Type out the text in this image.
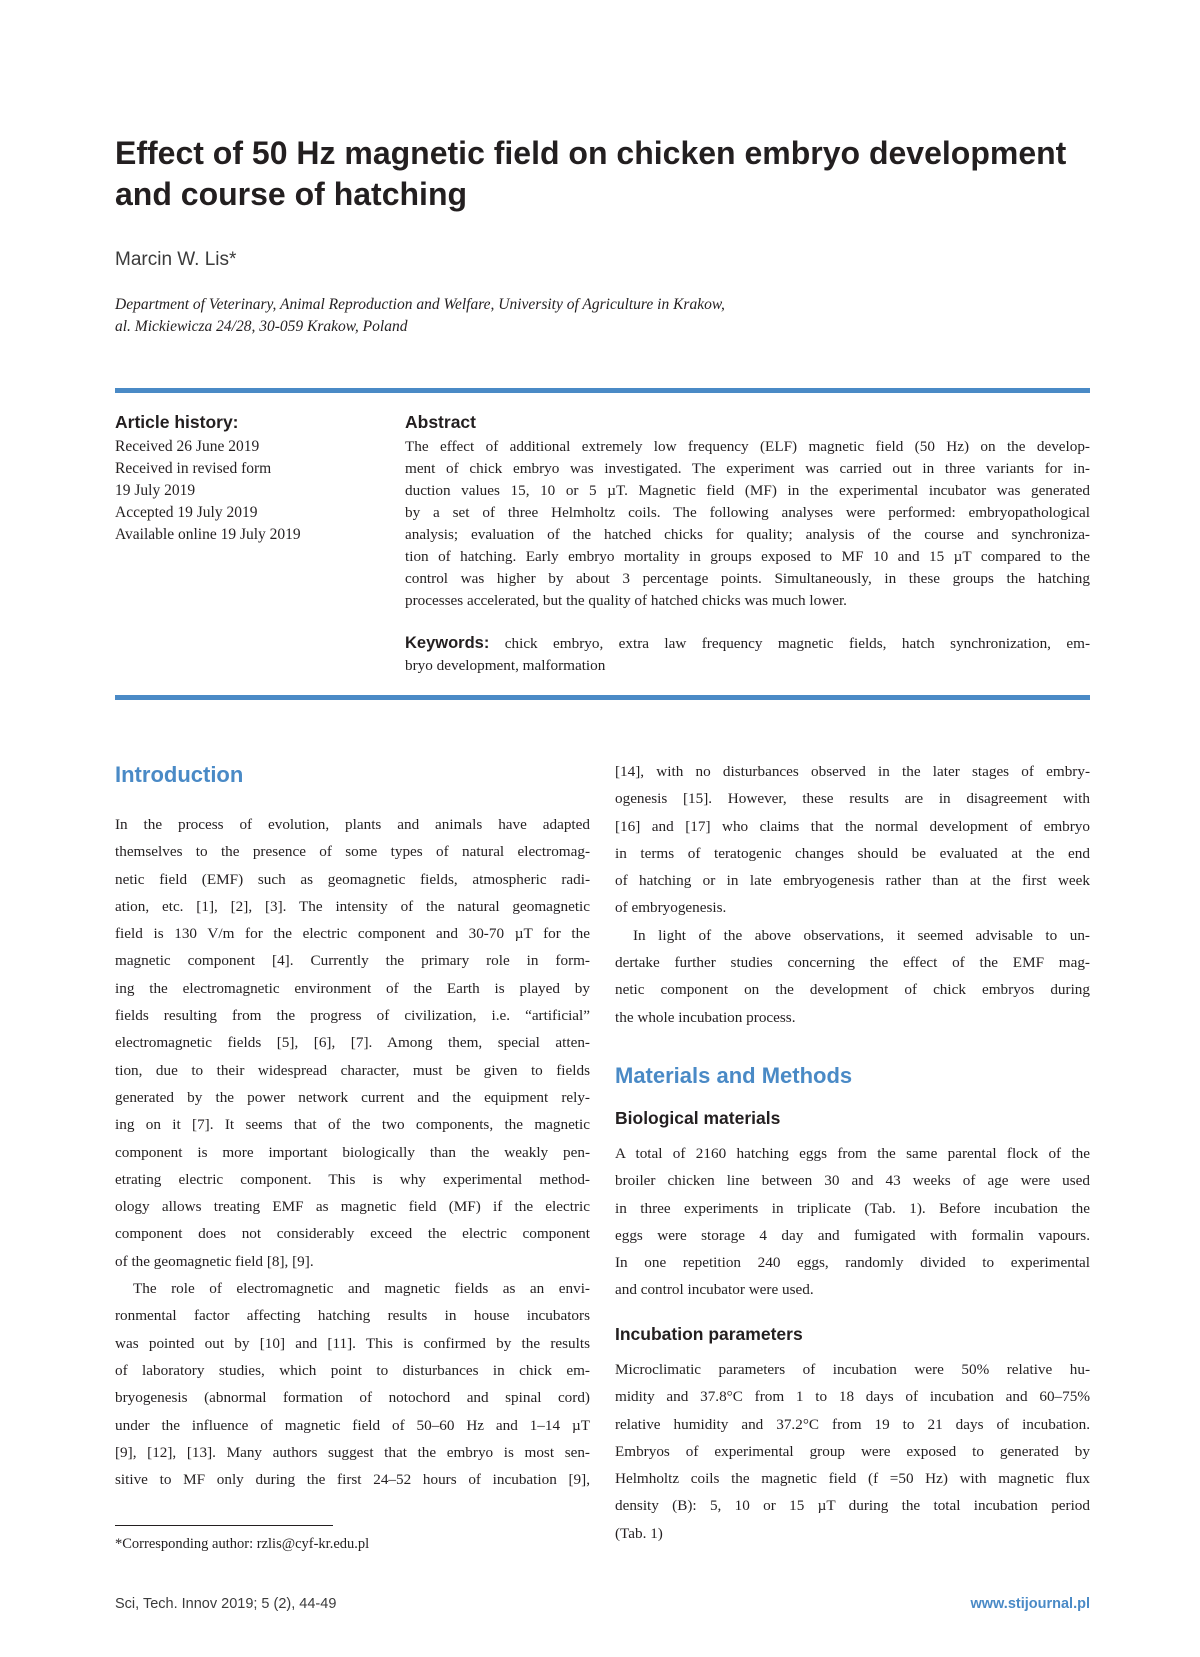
Effect of 50 Hz magnetic field on chicken embryo development
and course of hatching
Marcin W. Lis*
Department of Veterinary, Animal Reproduction and Welfare, University of Agriculture in Krakow,
al. Mickiewicza 24/28, 30-059 Krakow, Poland
Article history:
Received 26 June 2019
Received in revised form
19 July 2019
Accepted 19 July 2019
Available online 19 July 2019
Abstract
The effect of additional extremely low frequency (ELF) magnetic field (50 Hz) on the develop-
ment of chick embryo was investigated. The experiment was carried out in three variants for in-
duction values 15, 10 or 5 µT. Magnetic field (MF) in the experimental incubator was generated
by a set of three Helmholtz coils. The following analyses were performed: embryopathological
analysis; evaluation of the hatched chicks for quality; analysis of the course and synchroniza-
tion of hatching. Early embryo mortality in groups exposed to MF 10 and 15 µT compared to the
control was higher by about 3 percentage points. Simultaneously, in these groups the hatching
processes accelerated, but the quality of hatched chicks was much lower.
Keywords: chick embryo, extra law frequency magnetic fields, hatch synchronization, em-
bryo development, malformation
Introduction
In the process of evolution, plants and animals have adapted
themselves to the presence of some types of natural electromag-
netic field (EMF) such as geomagnetic fields, atmospheric radi-
ation, etc. [1], [2], [3]. The intensity of the natural geomagnetic
field is 130 V/m for the electric component and 30-70 µT for the
magnetic component [4]. Currently the primary role in form-
ing the electromagnetic environment of the Earth is played by
fields resulting from the progress of civilization, i.e. “artificial”
electromagnetic fields [5], [6], [7]. Among them, special atten-
tion, due to their widespread character, must be given to fields
generated by the power network current and the equipment rely-
ing on it [7]. It seems that of the two components, the magnetic
component is more important biologically than the weakly pen-
etrating electric component. This is why experimental method-
ology allows treating EMF as magnetic field (MF) if the electric
component does not considerably exceed the electric component
of the geomagnetic field [8], [9].
The role of electromagnetic and magnetic fields as an envi-
ronmental factor affecting hatching results in house incubators
was pointed out by [10] and [11]. This is confirmed by the results
of laboratory studies, which point to disturbances in chick em-
bryogenesis (abnormal formation of notochord and spinal cord)
under the influence of magnetic field of 50–60 Hz and 1–14 µT
[9], [12], [13]. Many authors suggest that the embryo is most sen-
sitive to MF only during the first 24–52 hours of incubation [9],
[14], with no disturbances observed in the later stages of embry-
ogenesis [15]. However, these results are in disagreement with
[16] and [17] who claims that the normal development of embryo
in terms of teratogenic changes should be evaluated at the end
of hatching or in late embryogenesis rather than at the first week
of embryogenesis.
In light of the above observations, it seemed advisable to un-
dertake further studies concerning the effect of the EMF mag-
netic component on the development of chick embryos during
the whole incubation process.
Materials and Methods
Biological materials
A total of 2160 hatching eggs from the same parental flock of the
broiler chicken line between 30 and 43 weeks of age were used
in three experiments in triplicate (Tab. 1). Before incubation the
eggs were storage 4 day and fumigated with formalin vapours.
In one repetition 240 eggs, randomly divided to experimental
and control incubator were used.
Incubation parameters
Microclimatic parameters of incubation were 50% relative hu-
midity and 37.8°C from 1 to 18 days of incubation and 60–75%
relative humidity and 37.2°C from 19 to 21 days of incubation.
Embryos of experimental group were exposed to generated by
Helmholtz coils the magnetic field (f =50 Hz) with magnetic flux
density (B): 5, 10 or 15 µT during the total incubation period
(Tab. 1)
*Corresponding author: rzlis@cyf-kr.edu.pl
Sci, Tech. Innov 2019; 5 (2), 44-49	www.stijournal.pl
